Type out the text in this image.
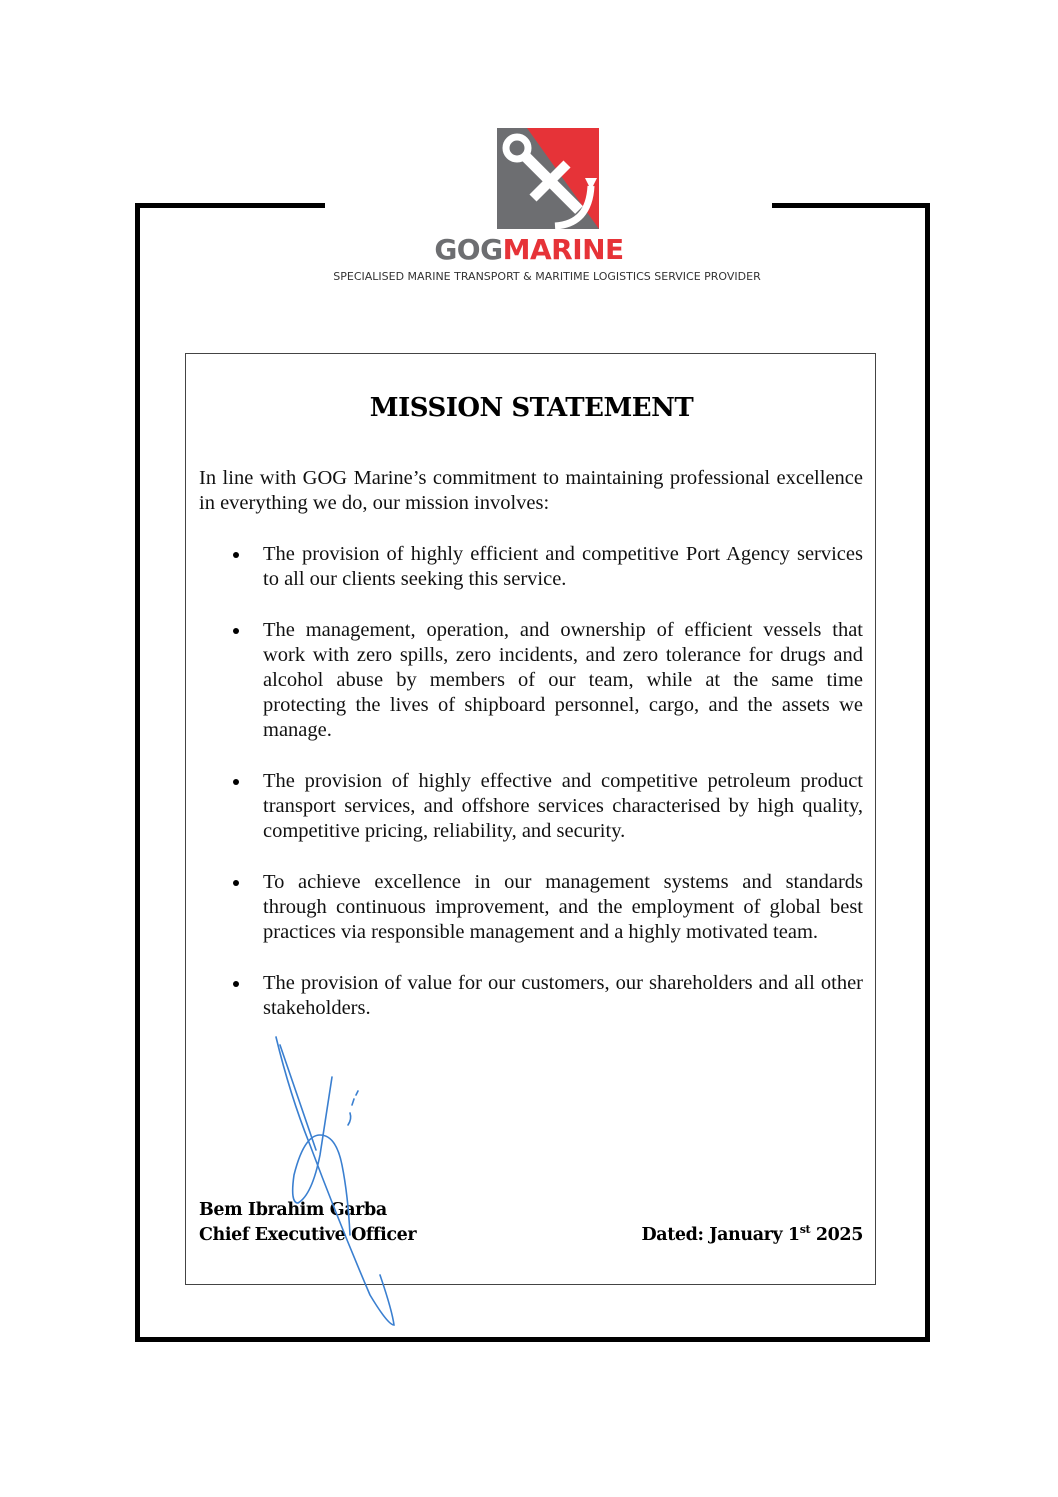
GOGMARINE
SPECIALISED MARINE TRANSPORT & MARITIME LOGISTICS SERVICE PROVIDER
MISSION STATEMENT

In line with GOG Marine’s commitment to maintaining professional excellence in everything we do, our mission involves:

The provision of highly efficient and competitive Port Agency services to all our clients seeking this service.
The management, operation, and ownership of efficient vessels that work with zero spills, zero incidents, and zero tolerance for drugs and alcohol abuse by members of our team, while at the same time protecting the lives of shipboard personnel, cargo, and the assets we manage.
The provision of highly effective and competitive petroleum product transport services, and offshore services characterised by high quality, competitive pricing, reliability, and security.
To achieve excellence in our management systems and standards through continuous improvement, and the employment of global best practices via responsible management and a highly motivated team.
The provision of value for our customers, our shareholders and all other stakeholders.
Bem Ibrahim Garba
Chief Executive Officer	Dated: January 1st 2025
